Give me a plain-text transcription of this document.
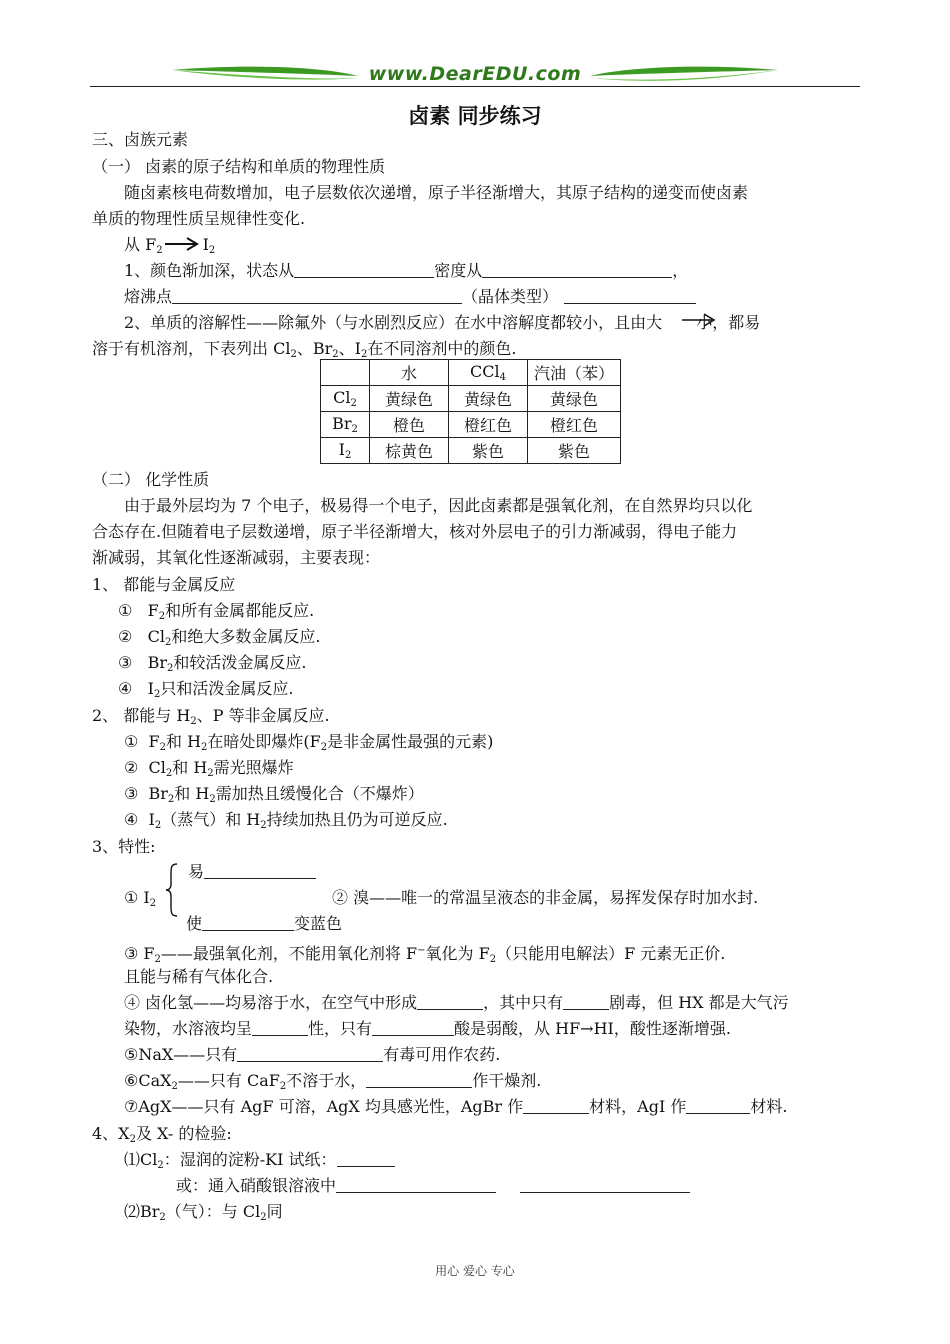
www.DearEDU.com
卤素 同步练习
三、卤族元素
（一） 卤素的原子结构和单质的物理性质
随卤素核电荷数增加，电子层数依次递增，原子半径渐增大，其原子结构的递变而使卤素
单质的物理性质呈规律性变化.
从 $F_2$	$I_2$
1、颜色渐加深，状态从	密度从	，
熔沸点	（晶体类型）
2、单质的溶解性——除氟外（与水剧烈反应）在水中溶解度都较小，且由大 小，都易
溶于有机溶剂，下表列出 $Cl_2$、$Br_2$、$I_2$在不同溶剂中的颜色.
	水	CCl$_4$	汽油（苯）
$Cl_2$	黄绿色	黄绿色	黄绿色
$Br_2$	橙色	橙红色	橙红色
$I_2$	棕黄色	紫色	紫色
（二） 化学性质
由于最外层均为 7 个电子，极易得一个电子，因此卤素都是强氧化剂，在自然界均只以化
合态存在.但随着电子层数递增，原子半径渐增大，核对外层电子的引力渐减弱，得电子能力
渐减弱，其氧化性逐渐减弱，主要表现：
1、 都能与金属反应
① $F_2$和所有金属都能反应.
② $Cl_2$和绝大多数金属反应.
③ $Br_2$和较活泼金属反应.
④ $I_2$只和活泼金属反应.
2、 都能与 $H_2$、P 等非金属反应.
① $F_2$和 $H_2$在暗处即爆炸($F_2$是非金属性最强的元素)
② $Cl_2$和 $H_2$需光照爆炸
③ $Br_2$和 $H_2$需加热且缓慢化合（不爆炸）
④ $I_2$（蒸气）和 $H_2$持续加热且仍为可逆反应.
3、特性:
易
① $I_2$	② 溴——唯一的常温呈液态的非金属，易挥发保存时加水封.
使	变蓝色
③ $F_2——$最强氧化剂，不能用氧化剂将 F−氧化为 $F_2$（只能用电解法）F 元素无正价.
且能与稀有气体化合.
④ 卤化氢——均易溶于水，在空气中形成	，其中只有	剧毒，但 HX 都是大气污
染物，水溶液均呈	性，只有	酸是弱酸，从 HF→HI，酸性逐渐增强.
⑤NaX——只有	有毒可用作农药.
⑥CaX$_2$——只有 CaF$_2$不溶于水，	作干燥剂.
⑦AgX——只有 AgF 可溶，AgX 均具感光性，AgBr 作	材料，AgI 作	材料.
4、$X_2$及 X- 的检验:
$⑴Cl_2$：湿润的淀粉-KI 试纸：
或：通入硝酸银溶液中
$⑵Br_2$（气）：与 $Cl_2$同
用心 爱心 专心
